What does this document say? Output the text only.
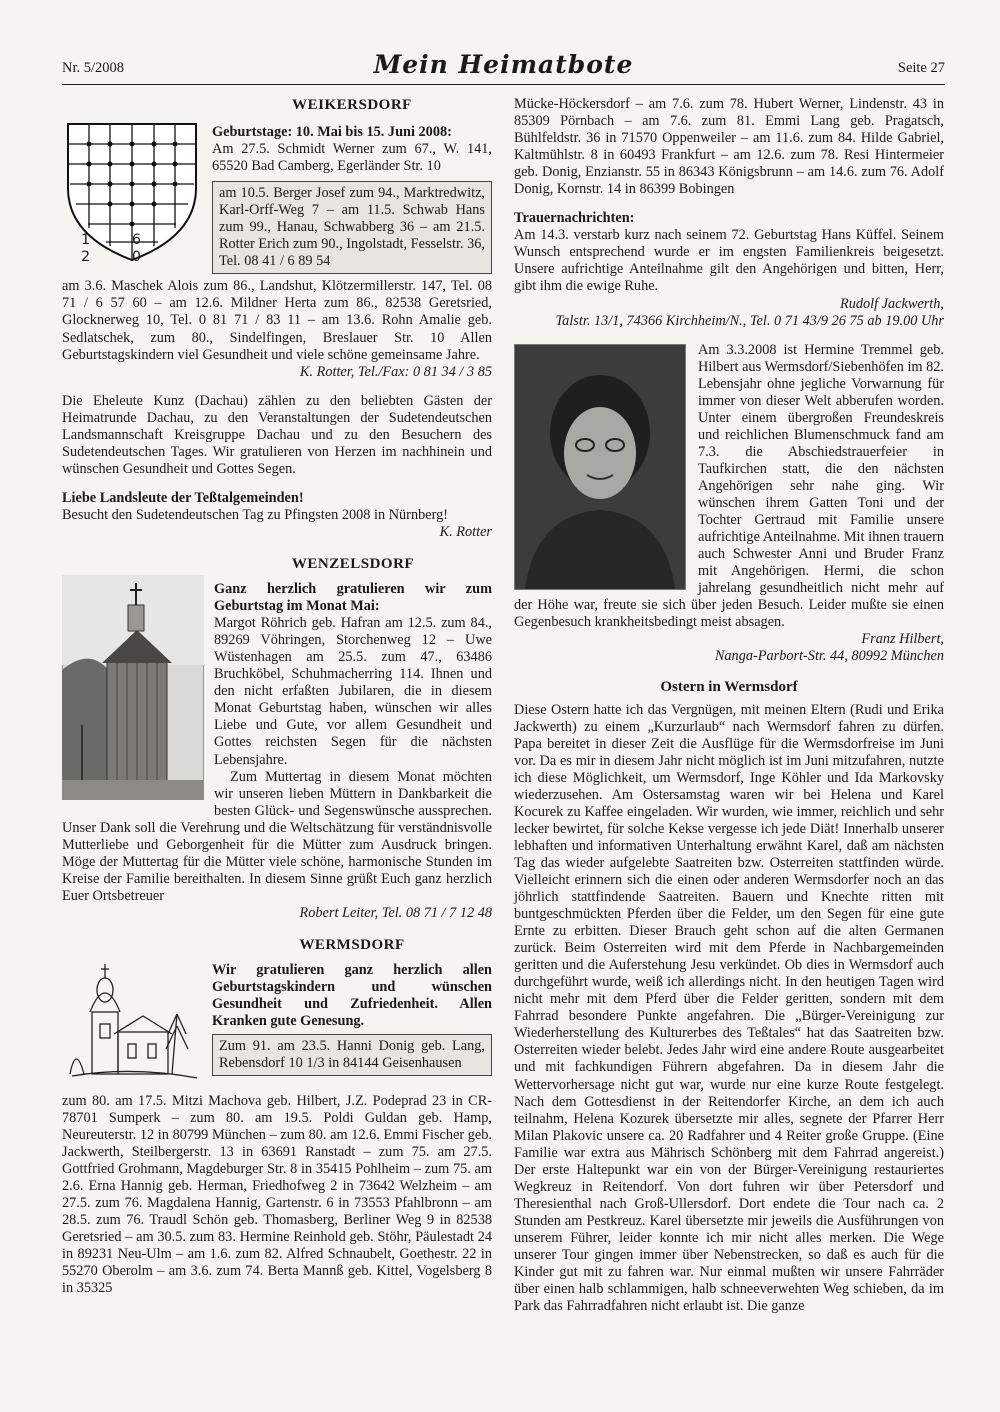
Nr. 5/2008	Mein Heimatbote	Seite 27
16 20
WEIKERSDORF

Geburtstage: 10. Mai bis 15. Juni 2008:

Am 27.5. Schmidt Werner zum 67., W. 141, 65520 Bad Camberg, Egerländer Str. 10

am 10.5. Berger Josef zum 94., Marktredwitz, Karl-Orff-Weg 7 – am 11.5. Schwab Hans zum 99., Hanau, Schwabberg 36 – am 21.5. Rotter Erich zum 90., Ingolstadt, Fesselstr. 36, Tel. 08 41 / 6 89 54

am 3.6. Maschek Alois zum 86., Landshut, Klötzermillerstr. 147, Tel. 08 71 / 6 57 60 – am 12.6. Mildner Herta zum 86., 82538 Geretsried, Glocknerweg 10, Tel. 0 81 71 / 83 11 – am 13.6. Rohn Amalie geb. Sedlatschek, zum 80., Sindelfingen, Breslauer Str. 10 Allen Geburtstagskindern viel Gesundheit und viele schöne gemeinsame Jahre.

K. Rotter, Tel./Fax: 0 81 34 / 3 85

Die Eheleute Kunz (Dachau) zählen zu den beliebten Gästen der Heimatrunde Dachau, zu den Veranstaltungen der Sudetendeutschen Landsmannschaft Kreisgruppe Dachau und zu den Besuchern des Sudetendeutschen Tages. Wir gratulieren von Herzen im nachhinein und wünschen Gesundheit und Gottes Segen.

Liebe Landsleute der Teßtalgemeinden!

Besucht den Sudetendeutschen Tag zu Pfingsten 2008 in Nürnberg!

K. Rotter

WENZELSDORF

Ganz herzlich gratulieren wir zum Geburtstag im Monat Mai:

Margot Röhrich geb. Hafran am 12.5. zum 84., 89269 Vöhringen, Storchenweg 12 – Uwe Wüstenhagen am 25.5. zum 47., 63486 Bruchköbel, Schuhmacherring 114. Ihnen und den nicht erfaßten Jubilaren, die in diesem Monat Geburtstag haben, wünschen wir alles Liebe und Gute, vor allem Gesundheit und Gottes reichsten Segen für die nächsten Lebensjahre.

Zum Muttertag in diesem Monat möchten wir unseren lieben Müttern in Dankbarkeit die besten Glück- und Segenswünsche aussprechen. Unser Dank soll die Verehrung und die Weltschätzung für verständnisvolle Mutterliebe und Geborgenheit für die Mütter zum Ausdruck bringen. Möge der Muttertag für die Mütter viele schöne, harmonische Stunden im Kreise der Familie bereithalten. In diesem Sinne grüßt Euch ganz herzlich Euer Ortsbetreuer

Robert Leiter, Tel. 08 71 / 7 12 48

WERMSDORF

Wir gratulieren ganz herzlich allen Geburtstagskindern und wünschen Gesundheit und Zufriedenheit. Allen Kranken gute Genesung.

Zum 91. am 23.5. Hanni Donig geb. Lang, Rebensdorf 10 1/3 in 84144 Geisenhausen

zum 80. am 17.5. Mitzi Machova geb. Hilbert, J.Z. Podeprad 23 in CR-78701 Sumperk – zum 80. am 19.5. Poldi Guldan geb. Hamp, Neureuterstr. 12 in 80799 München – zum 80. am 12.6. Emmi Fischer geb. Jackwerth, Steilbergerstr. 13 in 63691 Ranstadt – zum 75. am 27.5. Gottfried Grohmann, Magdeburger Str. 8 in 35415 Pohlheim – zum 75. am 2.6. Erna Hannig geb. Herman, Friedhofweg 2 in 73642 Welzheim – am 27.5. zum 76. Magdalena Hannig, Gartenstr. 6 in 73553 Pfahlbronn – am 28.5. zum 76. Traudl Schön geb. Thomasberg, Berliner Weg 9 in 82538 Geretsried – am 30.5. zum 83. Hermine Reinhold geb. Stöhr, Päulestadt 24 in 89231 Neu-Ulm – am 1.6. zum 82. Alfred Schnaubelt, Goethestr. 22 in 55270 Oberolm – am 3.6. zum 74. Berta Mannß geb. Kittel, Vogelsberg 8 in 35325

Mücke-Höckersdorf – am 7.6. zum 78. Hubert Werner, Lindenstr. 43 in 85309 Pörnbach – am 7.6. zum 81. Emmi Lang geb. Pragatsch, Bühlfeldstr. 36 in 71570 Oppenweiler – am 11.6. zum 84. Hilde Gabriel, Kaltmühlstr. 8 in 60493 Frankfurt – am 12.6. zum 78. Resi Hintermeier geb. Donig, Enzianstr. 55 in 86343 Königsbrunn – am 14.6. zum 76. Adolf Donig, Kornstr. 14 in 86399 Bobingen

Trauernachrichten:

Am 14.3. verstarb kurz nach seinem 72. Geburtstag Hans Küffel. Seinem Wunsch entsprechend wurde er im engsten Familienkreis beigesetzt. Unsere aufrichtige Anteilnahme gilt den Angehörigen und bitten, Herr, gibt ihm die ewige Ruhe.

Rudolf Jackwerth,

Talstr. 13/1, 74366 Kirchheim/N., Tel. 0 71 43/9 26 75 ab 19.00 Uhr

Am 3.3.2008 ist Hermine Tremmel geb. Hilbert aus Wermsdorf/Siebenhöfen im 82. Lebensjahr ohne jegliche Vorwarnung für immer von dieser Welt abberufen worden. Unter einem übergroßen Freundeskreis und reichlichen Blumenschmuck fand am 7.3. die Abschiedstrauerfeier in Taufkirchen statt, die den nächsten Angehörigen sehr nahe ging. Wir wünschen ihrem Gatten Toni und der Tochter Gertraud mit Familie unsere aufrichtige Anteilnahme. Mit ihnen trauern auch Schwester Anni und Bruder Franz mit Angehörigen. Hermi, die schon jahrelang gesundheitlich nicht mehr auf der Höhe war, freute sie sich über jeden Besuch. Leider mußte sie einen Gegenbesuch krankheitsbedingt meist absagen.

Franz Hilbert,

Nanga-Parbort-Str. 44, 80992 München

Ostern in Wermsdorf

Diese Ostern hatte ich das Vergnügen, mit meinen Eltern (Rudi und Erika Jackwerth) zu einem „Kurzurlaub“ nach Wermsdorf fahren zu dürfen. Papa bereitet in dieser Zeit die Ausflüge für die Wermsdorfreise im Juni vor. Da es mir in diesem Jahr nicht möglich ist im Juni mitzufahren, nutzte ich diese Möglichkeit, um Wermsdorf, Inge Köhler und Ida Markovsky wiederzusehen. Am Ostersamstag waren wir bei Helena und Karel Kocurek zu Kaffee eingeladen. Wir wurden, wie immer, reichlich und sehr lecker bewirtet, für solche Kekse vergesse ich jede Diät! Innerhalb unserer lebhaften und informativen Unterhaltung erwähnt Karel, daß am nächsten Tag das wieder aufgelebte Saatreiten bzw. Osterreiten stattfinden würde. Vielleicht erinnern sich die einen oder anderen Wermsdorfer noch an das jöhrlich stattfindende Saatreiten. Bauern und Knechte ritten mit buntgeschmückten Pferden über die Felder, um den Segen für eine gute Ernte zu erbitten. Dieser Brauch geht schon auf die alten Germanen zurück. Beim Osterreiten wird mit dem Pferde in Nachbargemeinden geritten und die Auferstehung Jesu verkündet. Ob dies in Wermsdorf auch durchgeführt wurde, weiß ich allerdings nicht. In den heutigen Tagen wird nicht mehr mit dem Pferd über die Felder geritten, sondern mit dem Fahrrad besondere Punkte angefahren. Die „Bürger-Vereinigung zur Wiederherstellung des Kulturerbes des Teßtales“ hat das Saatreiten bzw. Osterreiten wieder belebt. Jedes Jahr wird eine andere Route ausgearbeitet und mit fachkundigen Führern abgefahren. Da in diesem Jahr die Wettervorhersage nicht gut war, wurde nur eine kurze Route festgelegt. Nach dem Gottesdienst in der Reitendorfer Kirche, an dem ich auch teilnahm, Helena Kozurek übersetzte mir alles, segnete der Pfarrer Herr Milan Plakovic unsere ca. 20 Radfahrer und 4 Reiter große Gruppe. (Eine Familie war extra aus Mährisch Schönberg mit dem Fahrrad angereist.) Der erste Haltepunkt war ein von der Bürger-Vereinigung restauriertes Wegkreuz in Reitendorf. Von dort fuhren wir über Petersdorf und Theresienthal nach Groß-Ullersdorf. Dort endete die Tour nach ca. 2 Stunden am Pestkreuz. Karel übersetzte mir jeweils die Ausführungen von unserem Führer, leider konnte ich mir nicht alles merken. Die Wege unserer Tour gingen immer über Nebenstrecken, so daß es auch für die Kinder gut mit zu fahren war. Nur einmal mußten wir unsere Fahrräder über einen halb schlammigen, halb schneeverwehten Weg schieben, da im Park das Fahrradfahren nicht erlaubt ist. Die ganze
